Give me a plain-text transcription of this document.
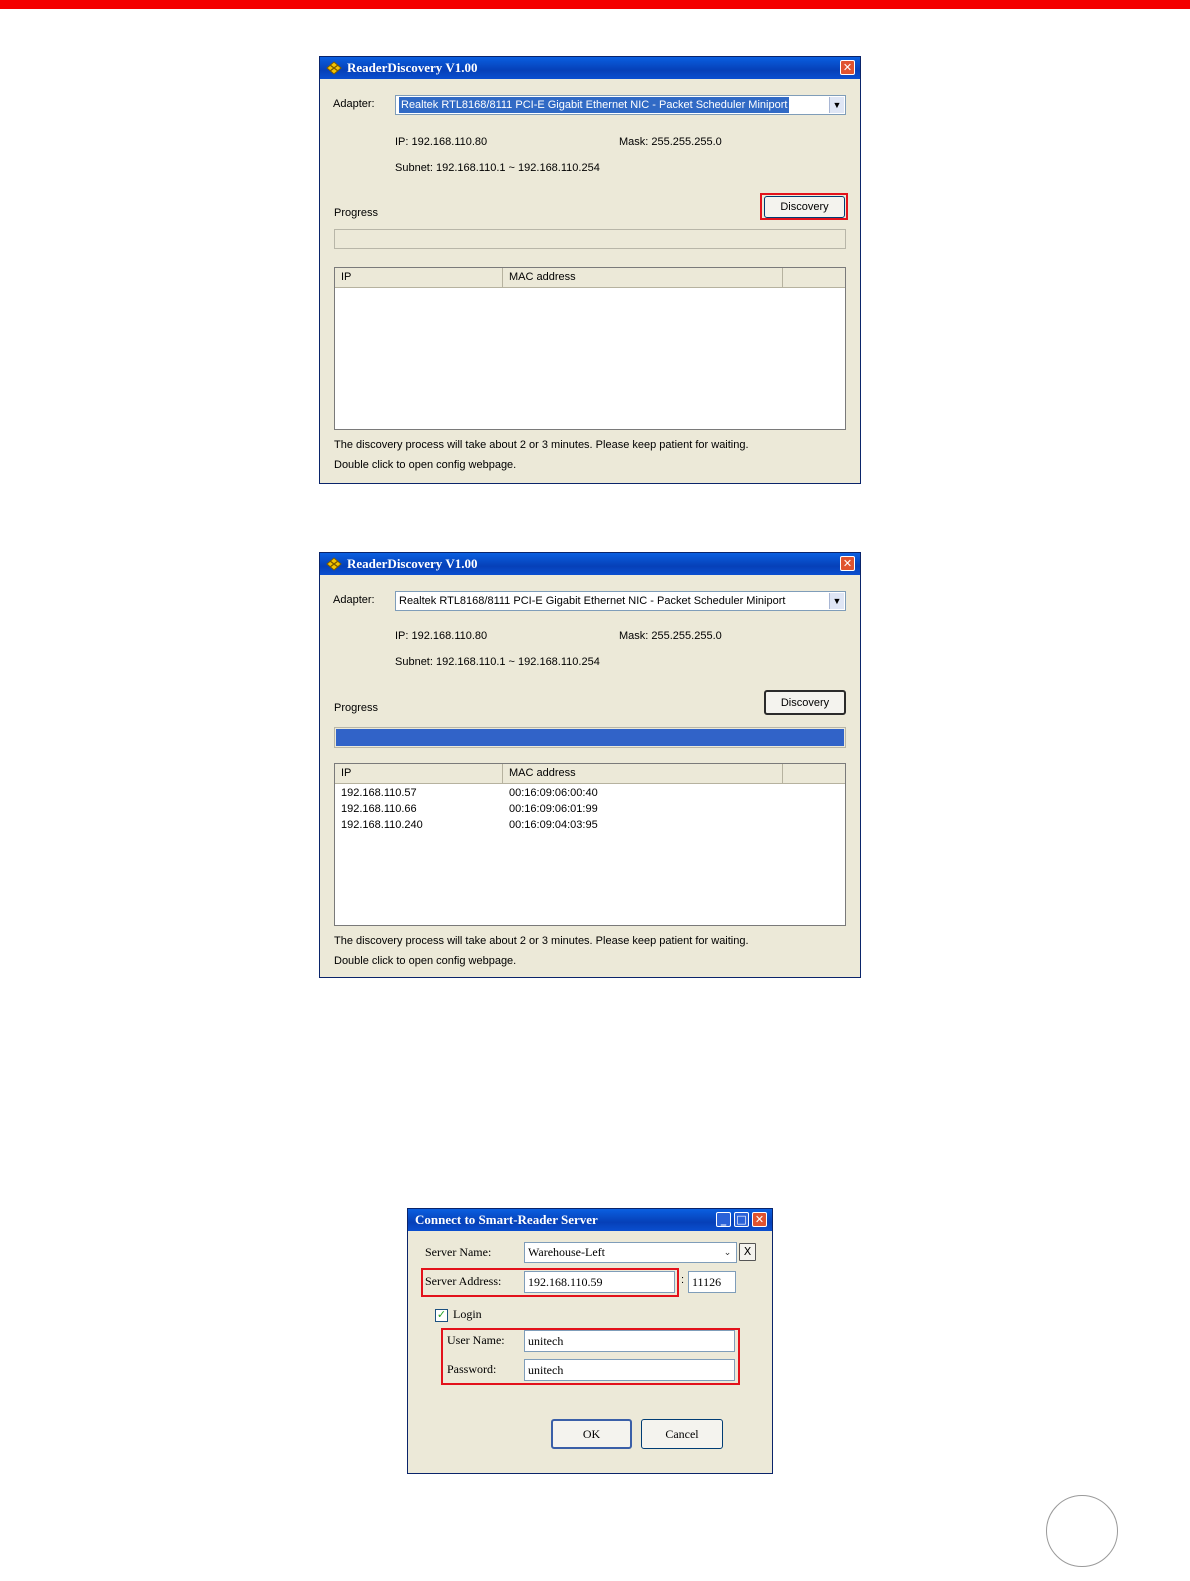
ReaderDiscovery V1.00	✕
Adapter:	Realtek RTL8168/8111 PCI-E Gigabit Ethernet NIC - Packet Scheduler Miniport	▼
IP: 192.168.110.80	Mask: 255.255.255.0
Subnet: 192.168.110.1 ~ 192.168.110.254
Progress	Discovery
IP	MAC address
The discovery process will take about 2 or 3 minutes. Please keep patient for waiting.
Double click to open config webpage.
ReaderDiscovery V1.00	✕
Adapter:	Realtek RTL8168/8111 PCI-E Gigabit Ethernet NIC - Packet Scheduler Miniport	▼
IP: 192.168.110.80	Mask: 255.255.255.0
Subnet: 192.168.110.1 ~ 192.168.110.254
Progress	Discovery
IP	MAC address
192.168.110.57	00:16:09:06:00:40
192.168.110.66	00:16:09:06:01:99
192.168.110.240	00:16:09:04:03:95
The discovery process will take about 2 or 3 minutes. Please keep patient for waiting.
Double click to open config webpage.
Connect to Smart-Reader Server	_ □ ✕
Server Name:	Warehouse-Left	⌄	X
Server Address:	192.168.110.59	: 11126
✓ Login
User Name:	unitech
Password:	unitech
OK	Cancel
